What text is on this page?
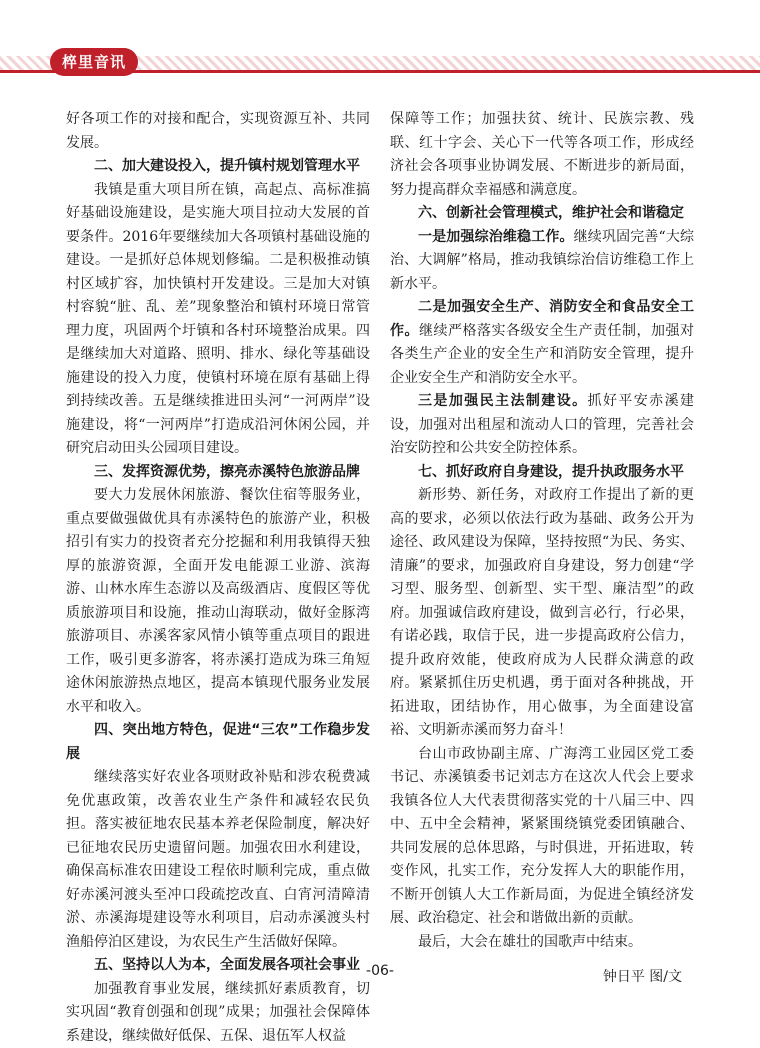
椊里音讯

好各项工作的对接和配合，实现资源互补、共同发展。

二、加大建设投入，提升镇村规划管理水平

我镇是重大项目所在镇，高起点、高标准搞好基础设施建设，是实施大项目拉动大发展的首要条件。2016年要继续加大各项镇村基础设施的建设。一是抓好总体规划修编。二是积极推动镇村区域扩容，加快镇村开发建设。三是加大对镇村容貌“脏、乱、差”现象整治和镇村环境日常管理力度，巩固两个圩镇和各村环境整治成果。四是继续加大对道路、照明、排水、绿化等基础设施建设的投入力度，使镇村环境在原有基础上得到持续改善。五是继续推进田头河“一河两岸”设施建设，将“一河两岸”打造成沿河休闲公园，并研究启动田头公园项目建设。

三、发挥资源优势，擦亮赤溪特色旅游品牌

要大力发展休闲旅游、餐饮住宿等服务业，重点要做强做优具有赤溪特色的旅游产业，积极招引有实力的投资者充分挖掘和利用我镇得天独厚的旅游资源，全面开发电能源工业游、滨海游、山林水库生态游以及高级酒店、度假区等优质旅游项目和设施，推动山海联动，做好金豚湾旅游项目、赤溪客家风情小镇等重点项目的跟进工作，吸引更多游客，将赤溪打造成为珠三角短途休闲旅游热点地区，提高本镇现代服务业发展水平和收入。

四、突出地方特色，促进“三农”工作稳步发展

继续落实好农业各项财政补贴和涉农税费减免优惠政策，改善农业生产条件和减轻农民负担。落实被征地农民基本养老保险制度，解决好已征地农民历史遗留问题。加强农田水利建设，确保高标准农田建设工程依时顺利完成，重点做好赤溪河渡头至冲口段疏挖改直、白宵河清障清淤、赤溪海堤建设等水利项目，启动赤溪渡头村渔船停泊区建设，为农民生产生活做好保障。

五、坚持以人为本，全面发展各项社会事业

加强教育事业发展，继续抓好素质教育，切实巩固“教育创强和创现”成果；加强社会保障体系建设，继续做好低保、五保、退伍军人权益

保障等工作；加强扶贫、统计、民族宗教、残联、红十字会、关心下一代等各项工作，形成经济社会各项事业协调发展、不断进步的新局面，努力提高群众幸福感和满意度。

六、创新社会管理模式，维护社会和谐稳定

一是加强综治维稳工作。继续巩固完善“大综治、大调解”格局，推动我镇综治信访维稳工作上新水平。

二是加强安全生产、消防安全和食品安全工作。继续严格落实各级安全生产责任制，加强对各类生产企业的安全生产和消防安全管理，提升企业安全生产和消防安全水平。

三是加强民主法制建设。抓好平安赤溪建设，加强对出租屋和流动人口的管理，完善社会治安防控和公共安全防控体系。

七、抓好政府自身建设，提升执政服务水平

新形势、新任务，对政府工作提出了新的更高的要求，必须以依法行政为基础、政务公开为途径、政风建设为保障，坚持按照“为民、务实、清廉”的要求，加强政府自身建设，努力创建“学习型、服务型、创新型、实干型、廉洁型”的政府。加强诚信政府建设，做到言必行，行必果，有诺必践，取信于民，进一步提高政府公信力，提升政府效能，使政府成为人民群众满意的政府。紧紧抓住历史机遇，勇于面对各种挑战，开拓进取，团结协作，用心做事，为全面建设富裕、文明新赤溪而努力奋斗！

台山市政协副主席、广海湾工业园区党工委书记、赤溪镇委书记刘志方在这次人代会上要求我镇各位人大代表贯彻落实党的十八届三中、四中、五中全会精神，紧紧围绕镇党委团镇融合、共同发展的总体思路，与时俱进，开拓进取，转变作风，扎实工作，充分发挥人大的职能作用，不断开创镇人大工作新局面，为促进全镇经济发展、政治稳定、社会和谐做出新的贡献。

最后，大会在雄壮的国歌声中结束。

钟日平 图/文

-06-
